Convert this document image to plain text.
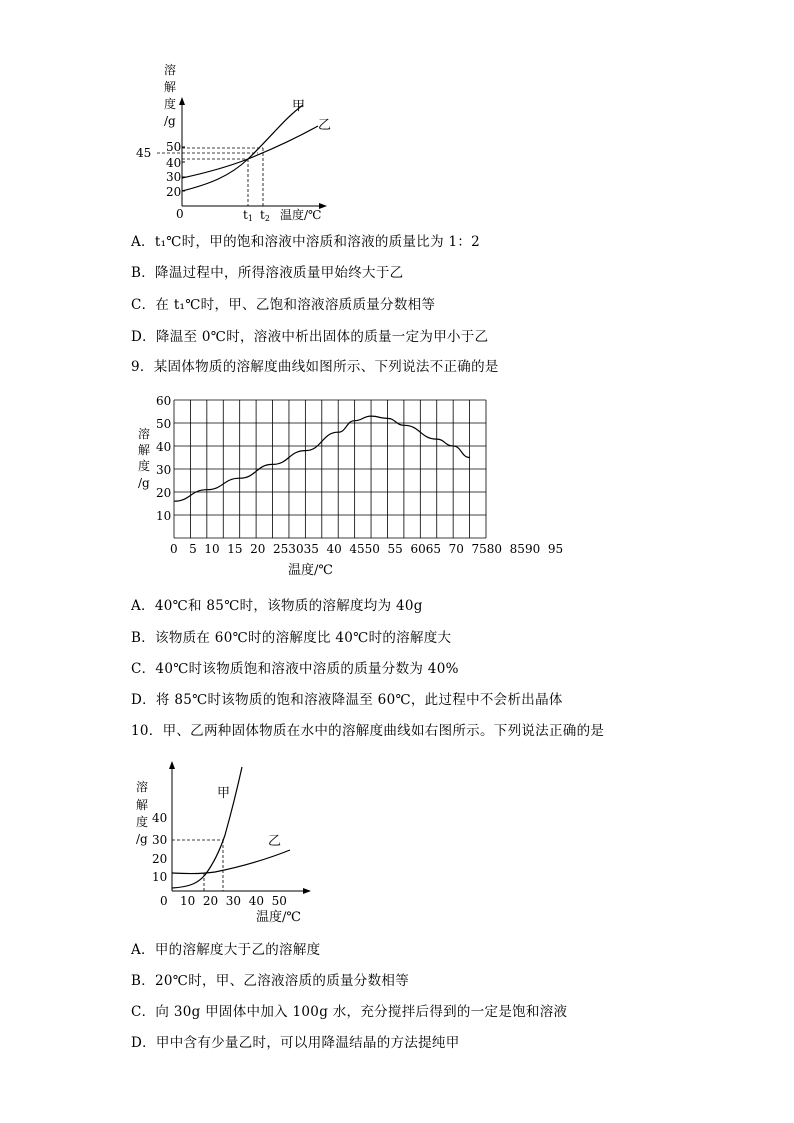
溶
解
度
/g
50
40
30
20
45
0
甲
乙
t1 t2 温度/℃
A．t₁℃时，甲的饱和溶液中溶质和溶液的质量比为 1：2
B．降温过程中，所得溶液质量甲始终大于乙
C．在 t₁℃时，甲、乙饱和溶液溶质质量分数相等
D．降温至 0℃时，溶液中析出固体的质量一定为甲小于乙
9．某固体物质的溶解度曲线如图所示、下列说法不正确的是
溶
解
度
/g
60
50
40
30
20
10
0   5  10  15  20  253035  40  4550  55  6065  70  7580  8590  95
温度/℃
A．40℃和 85℃时，该物质的溶解度均为 40g
B．该物质在 60℃时的溶解度比 40℃时的溶解度大
C．40℃时该物质饱和溶液中溶质的质量分数为 40%
D．将 85℃时该物质的饱和溶液降温至 60℃，此过程中不会析出晶体
10．甲、乙两种固体物质在水中的溶解度曲线如右图所示。下列说法正确的是
溶
解
度
/g
40
30
20
10
0 10  20  30  40  50
甲
乙
温度/℃
A．甲的溶解度大于乙的溶解度
B．20℃时，甲、乙溶液溶质的质量分数相等
C．向 30g 甲固体中加入 100g 水，充分搅拌后得到的一定是饱和溶液
D．甲中含有少量乙时，可以用降温结晶的方法提纯甲
